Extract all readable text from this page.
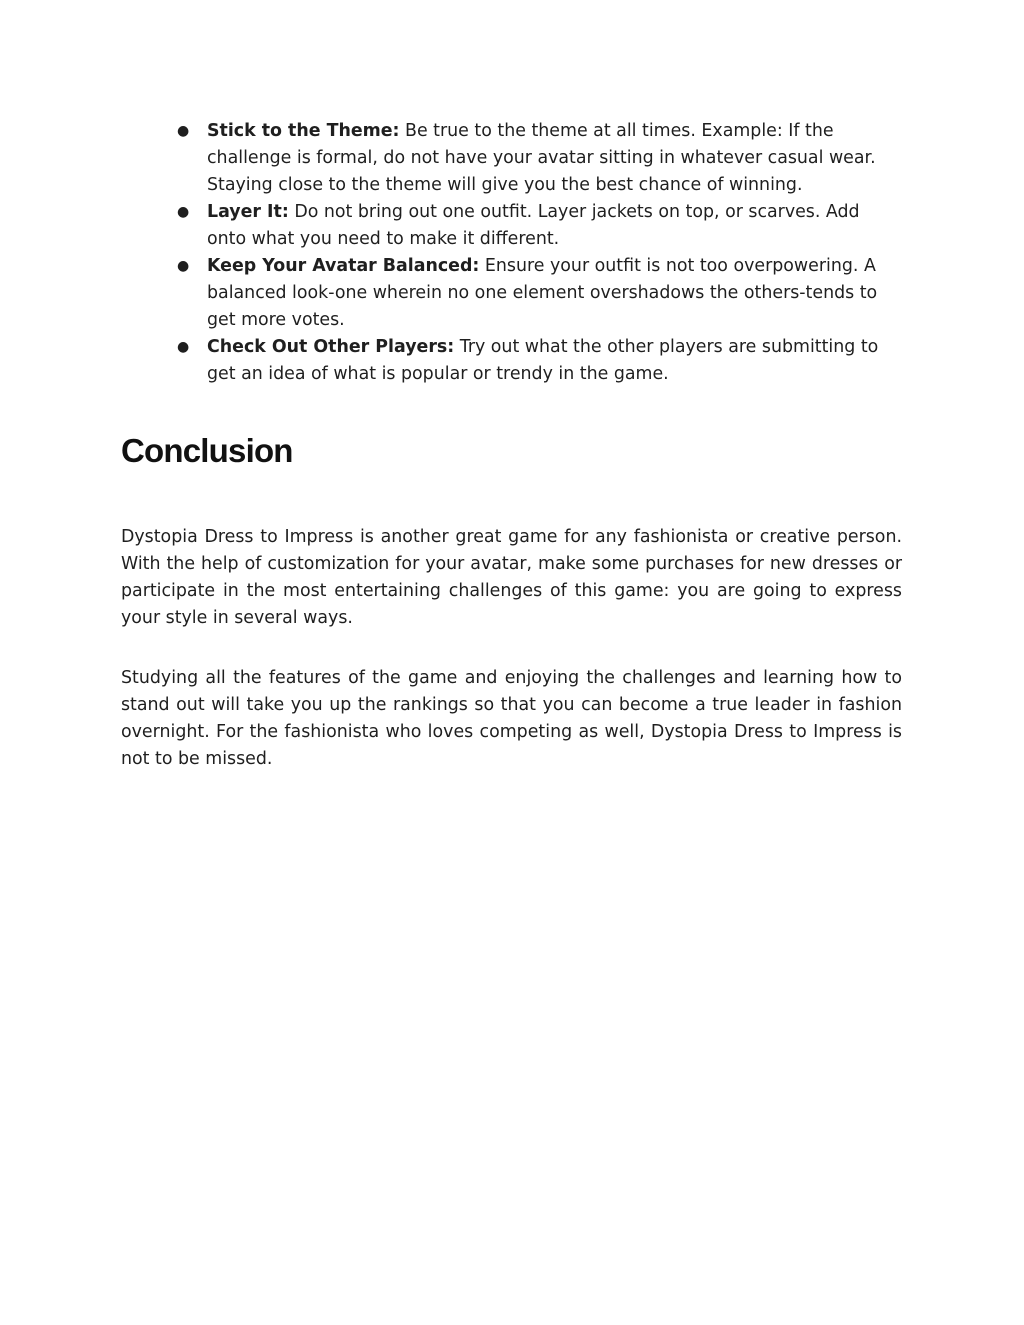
● Stick to the Theme: Be true to the theme at all times. Example: If the challenge is formal, do not have your avatar sitting in whatever casual wear. Staying close to the theme will give you the best chance of winning.
● Layer It: Do not bring out one outfit. Layer jackets on top, or scarves. Add onto what you need to make it different.
● Keep Your Avatar Balanced: Ensure your outfit is not too overpowering. A balanced look-one wherein no one element overshadows the others-tends to get more votes.
● Check Out Other Players: Try out what the other players are submitting to get an idea of what is popular or trendy in the game.
Conclusion

Dystopia Dress to Impress is another great game for any fashionista or creative person. With the help of customization for your avatar, make some purchases for new dresses or participate in the most entertaining challenges of this game: you are going to express your style in several ways.

Studying all the features of the game and enjoying the challenges and learning how to stand out will take you up the rankings so that you can become a true leader in fashion overnight. For the fashionista who loves competing as well, Dystopia Dress to Impress is not to be missed.
